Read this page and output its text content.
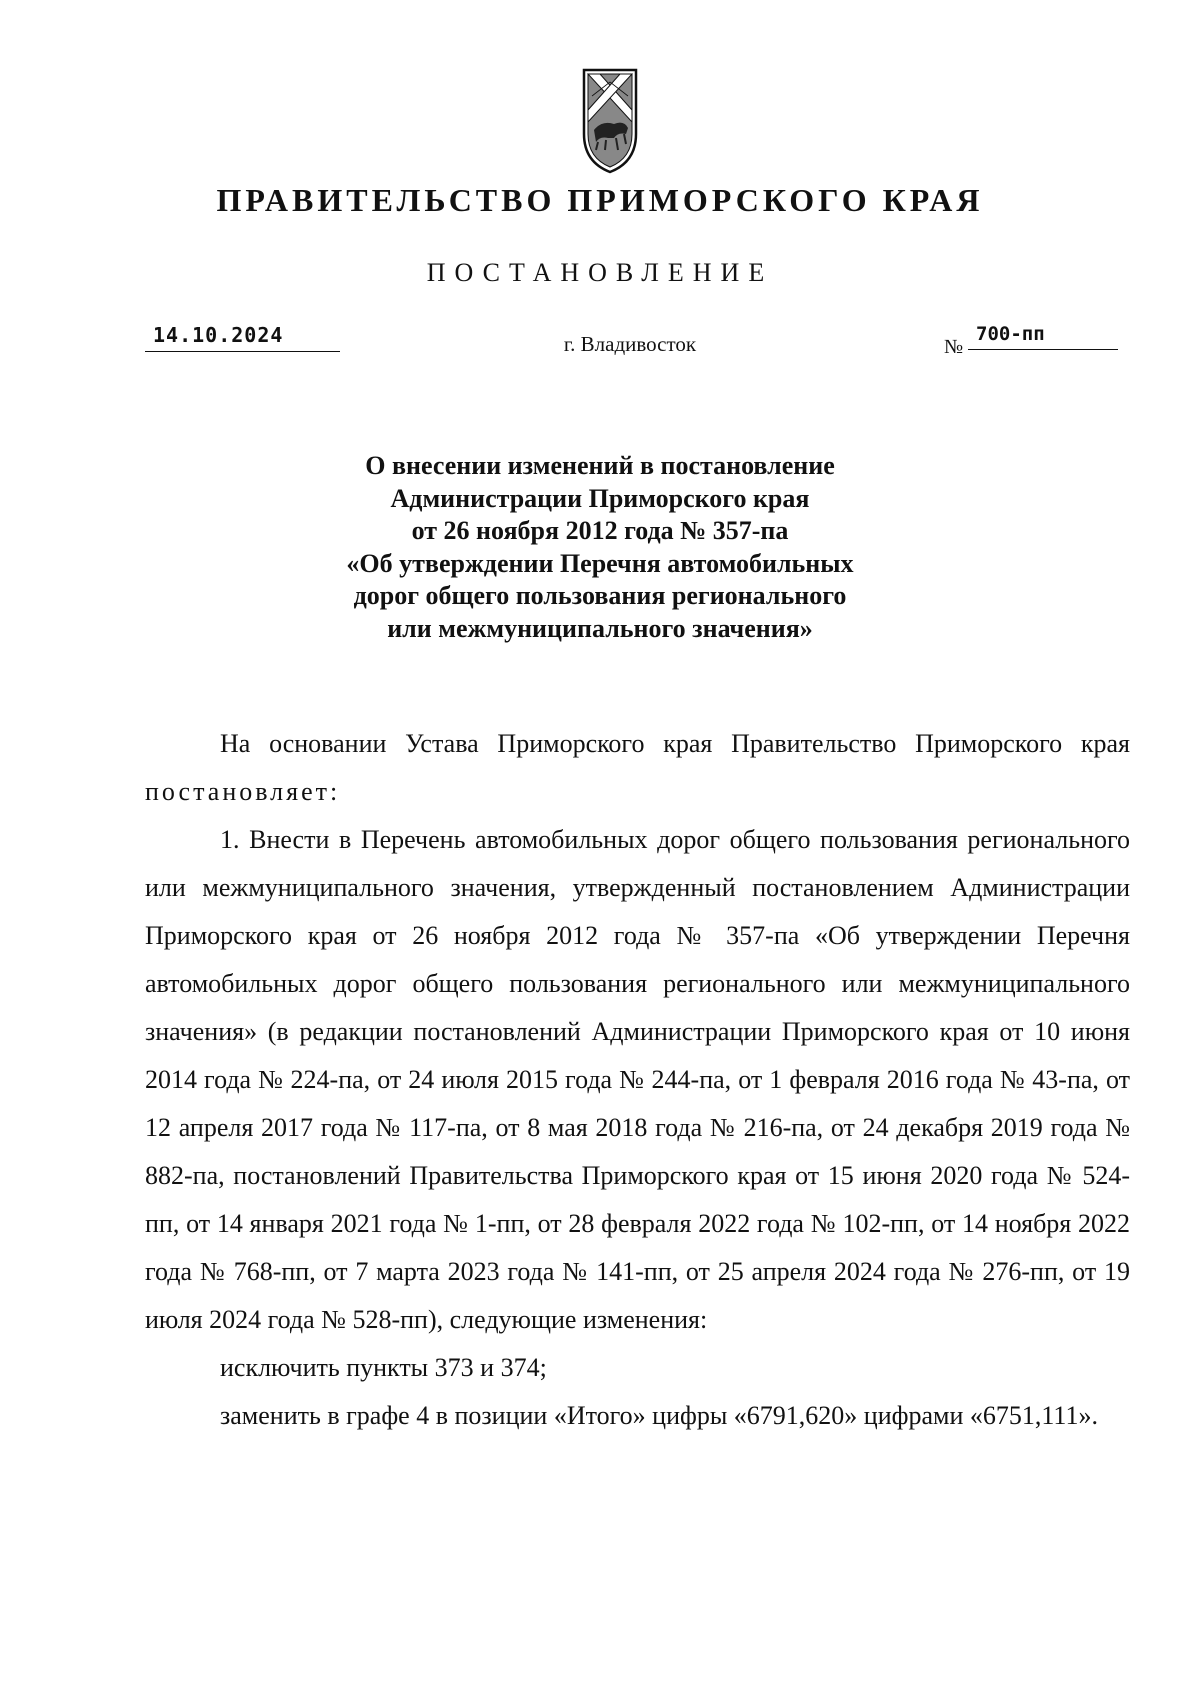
ПРАВИТЕЛЬСТВО ПРИМОРСКОГО КРАЯ
ПОСТАНОВЛЕНИЕ
14.10.2024	г. Владивосток	№
700-пп
О внесении изменений в постановление
Администрации Приморского края
от 26 ноября 2012 года № 357-па
«Об утверждении Перечня автомобильных
дорог общего пользования регионального
или межмуниципального значения»

На основании Устава Приморского края Правительство Приморского края постановляет:

1. Внести в Перечень автомобильных дорог общего пользования регионального или межмуниципального значения, утвержденный постановлением Администрации Приморского края от 26 ноября 2012 года № 357-па «Об утверждении Перечня автомобильных дорог общего пользования регионального или межмуниципального значения» (в редакции постановлений Администрации Приморского края от 10 июня 2014 года № 224-па, от 24 июля 2015 года № 244-па, от 1 февраля 2016 года № 43-па, от 12 апреля 2017 года № 117-па, от 8 мая 2018 года № 216-па, от 24 декабря 2019 года № 882-па, постановлений Правительства Приморского края от 15 июня 2020 года № 524-пп, от 14 января 2021 года № 1-пп, от 28 февраля 2022 года № 102-пп, от 14 ноября 2022 года № 768-пп, от 7 марта 2023 года № 141-пп, от 25 апреля 2024 года № 276-пп, от 19 июля 2024 года № 528-пп), следующие изменения:

исключить пункты 373 и 374;

заменить в графе 4 в позиции «Итого» цифры «6791,620» цифрами «6751,111».
